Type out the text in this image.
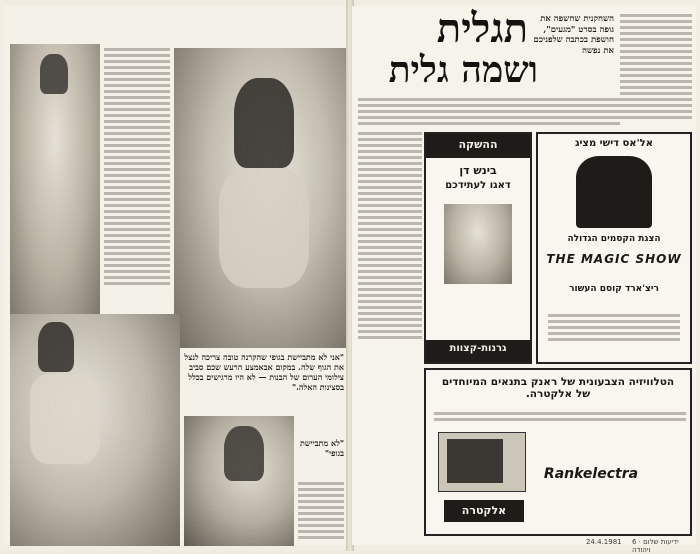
"אני לא מתביישת בגופי שהקרנה טובה צריכה לנצל את הגוף שלה. במקום אבאמצע הרעש שכם סביב צילומי הערום של הבנות — לא היו מרגישים בכלל בסצינות האלה."
"לא מתביישת בגופי"
תגלית
ושמה גלית
השחקנית שחשפה את גופה בסרט "מגעים", חושפת בכתבה שלפניכם את נפשה
ההשקה
בינש דן
דאגו לעתידכם
גרנות-קצוות
אל'אס דישי מציג
הצגת הקסמים הגדולה
THE MAGIC SHOW
ריצ'ארד קוסם העשור
הטלוויזיה הצבעונית של ראנק בתנאים המיוחדים של אלקטרה.
Rankelectra
אלקטרה
24.4.1981 6 · ידיעות שלום ויהודה
